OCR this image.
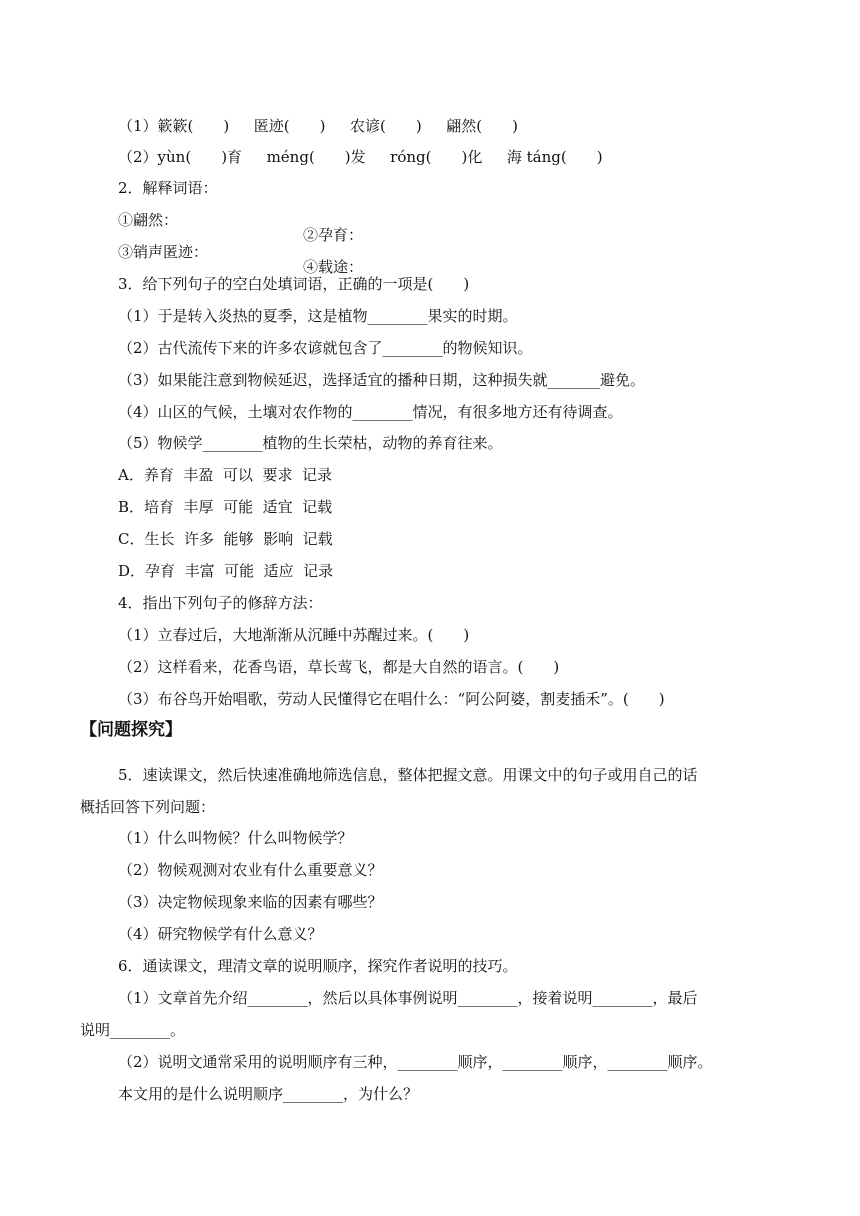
（1）簌簌(　　)　  匿迹(　　)　  农谚(　　)　  翩然(　　)

（2）yùn(　　)育　  méng(　　)发　  róng(　　)化　  海 táng(　　)

2．解释词语：

①翩然：

②孕育：

③销声匿迹：

④载途：

3．给下列句子的空白处填词语，正确的一项是(　　)

（1）于是转入炎热的夏季，这是植物________果实的时期。

（2）古代流传下来的许多农谚就包含了________的物候知识。

（3）如果能注意到物候延迟，选择适宜的播种日期，这种损失就_______避免。

（4）山区的气候，土壤对农作物的________情况，有很多地方还有待调查。

（5）物候学________植物的生长荣枯，动物的养育往来。

A．养育  丰盈  可以  要求  记录

B．培育  丰厚  可能  适宜  记载

C．生长  许多  能够  影响  记载

D．孕育  丰富  可能  适应  记录

4．指出下列句子的修辞方法：

（1）立春过后，大地渐渐从沉睡中苏醒过来。(　　)

（2）这样看来，花香鸟语，草长莺飞，都是大自然的语言。(　　)

（3）布谷鸟开始唱歌，劳动人民懂得它在唱什么：“阿公阿婆，割麦插禾”。(　　)

【问题探究】

5．速读课文，然后快速准确地筛选信息，整体把握文意。用课文中的句子或用自己的话

概括回答下列问题：

（1）什么叫物候？什么叫物候学？

（2）物候观测对农业有什么重要意义？

（3）决定物候现象来临的因素有哪些？

（4）研究物候学有什么意义？

6．通读课文，理清文章的说明顺序，探究作者说明的技巧。

（1）文章首先介绍________，然后以具体事例说明________，接着说明________，最后

说明________。

（2）说明文通常采用的说明顺序有三种，________顺序，________顺序，________顺序。

本文用的是什么说明顺序________，为什么？
